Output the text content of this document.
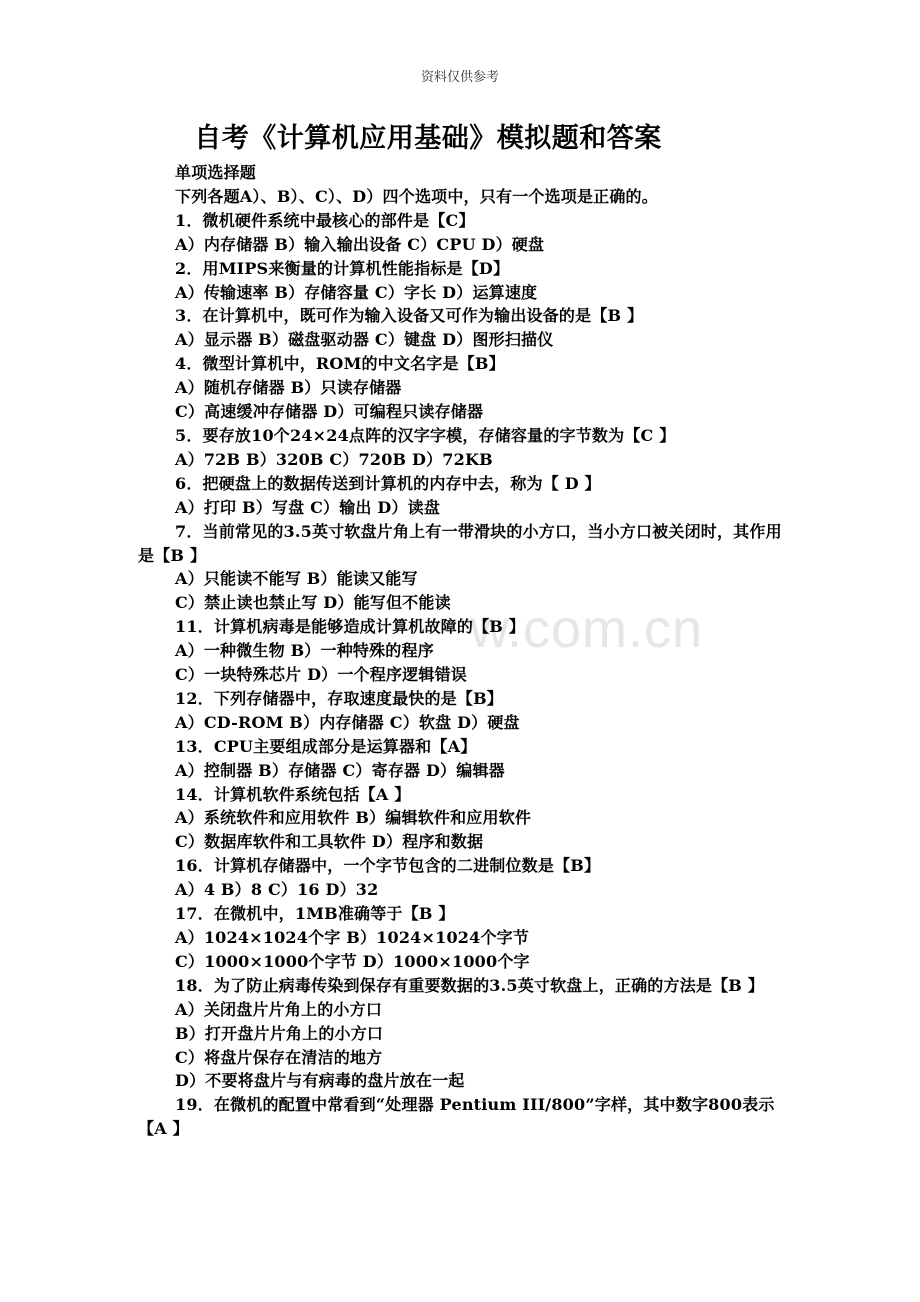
资料仅供参考
自考《计算机应用基础》模拟题和答案
w.com.cn
单项选择题
下列各题A）、B）、C）、D）四个选项中，只有一个选项是正确的。
1．微机硬件系统中最核心的部件是【C】
A）内存储器 B）输入输出设备 C）CPU D）硬盘
2．用MIPS来衡量的计算机性能指标是【D】
A）传输速率 B）存储容量 C）字长 D）运算速度
3．在计算机中，既可作为输入设备又可作为输出设备的是【B 】
A）显示器 B）磁盘驱动器 C）键盘 D）图形扫描仪
4．微型计算机中，ROM的中文名字是【B】
A）随机存储器 B）只读存储器
C）高速缓冲存储器 D）可编程只读存储器
5．要存放10个24×24点阵的汉字字模，存储容量的字节数为【C 】
A）72B B）320B C）720B D）72KB
6．把硬盘上的数据传送到计算机的内存中去，称为【 D 】
A）打印 B）写盘 C）输出 D）读盘
7．当前常见的3.5英寸软盘片角上有一带滑块的小方口，当小方口被关闭时，其作用是【B 】
A）只能读不能写 B）能读又能写
C）禁止读也禁止写 D）能写但不能读
11．计算机病毒是能够造成计算机故障的【B 】
A）一种微生物 B）一种特殊的程序
C）一块特殊芯片 D）一个程序逻辑错误
12．下列存储器中，存取速度最快的是【B】
A）CD-ROM B）内存储器 C）软盘 D）硬盘
13．CPU主要组成部分是运算器和【A】
A）控制器 B）存储器 C）寄存器 D）编辑器
14．计算机软件系统包括【A 】
A）系统软件和应用软件 B）编辑软件和应用软件
C）数据库软件和工具软件 D）程序和数据
16．计算机存储器中，一个字节包含的二进制位数是【B】
A）4 B）8 C）16 D）32
17．在微机中，1MB准确等于【B 】
A）1024×1024个字 B）1024×1024个字节
C）1000×1000个字节 D）1000×1000个字
18．为了防止病毒传染到保存有重要数据的3.5英寸软盘上，正确的方法是【B 】
A）关闭盘片片角上的小方口
B）打开盘片片角上的小方口
C）将盘片保存在清洁的地方
D）不要将盘片与有病毒的盘片放在一起
19．在微机的配置中常看到“处理器 Pentium III/800”字样，其中数字800表示【A 】
